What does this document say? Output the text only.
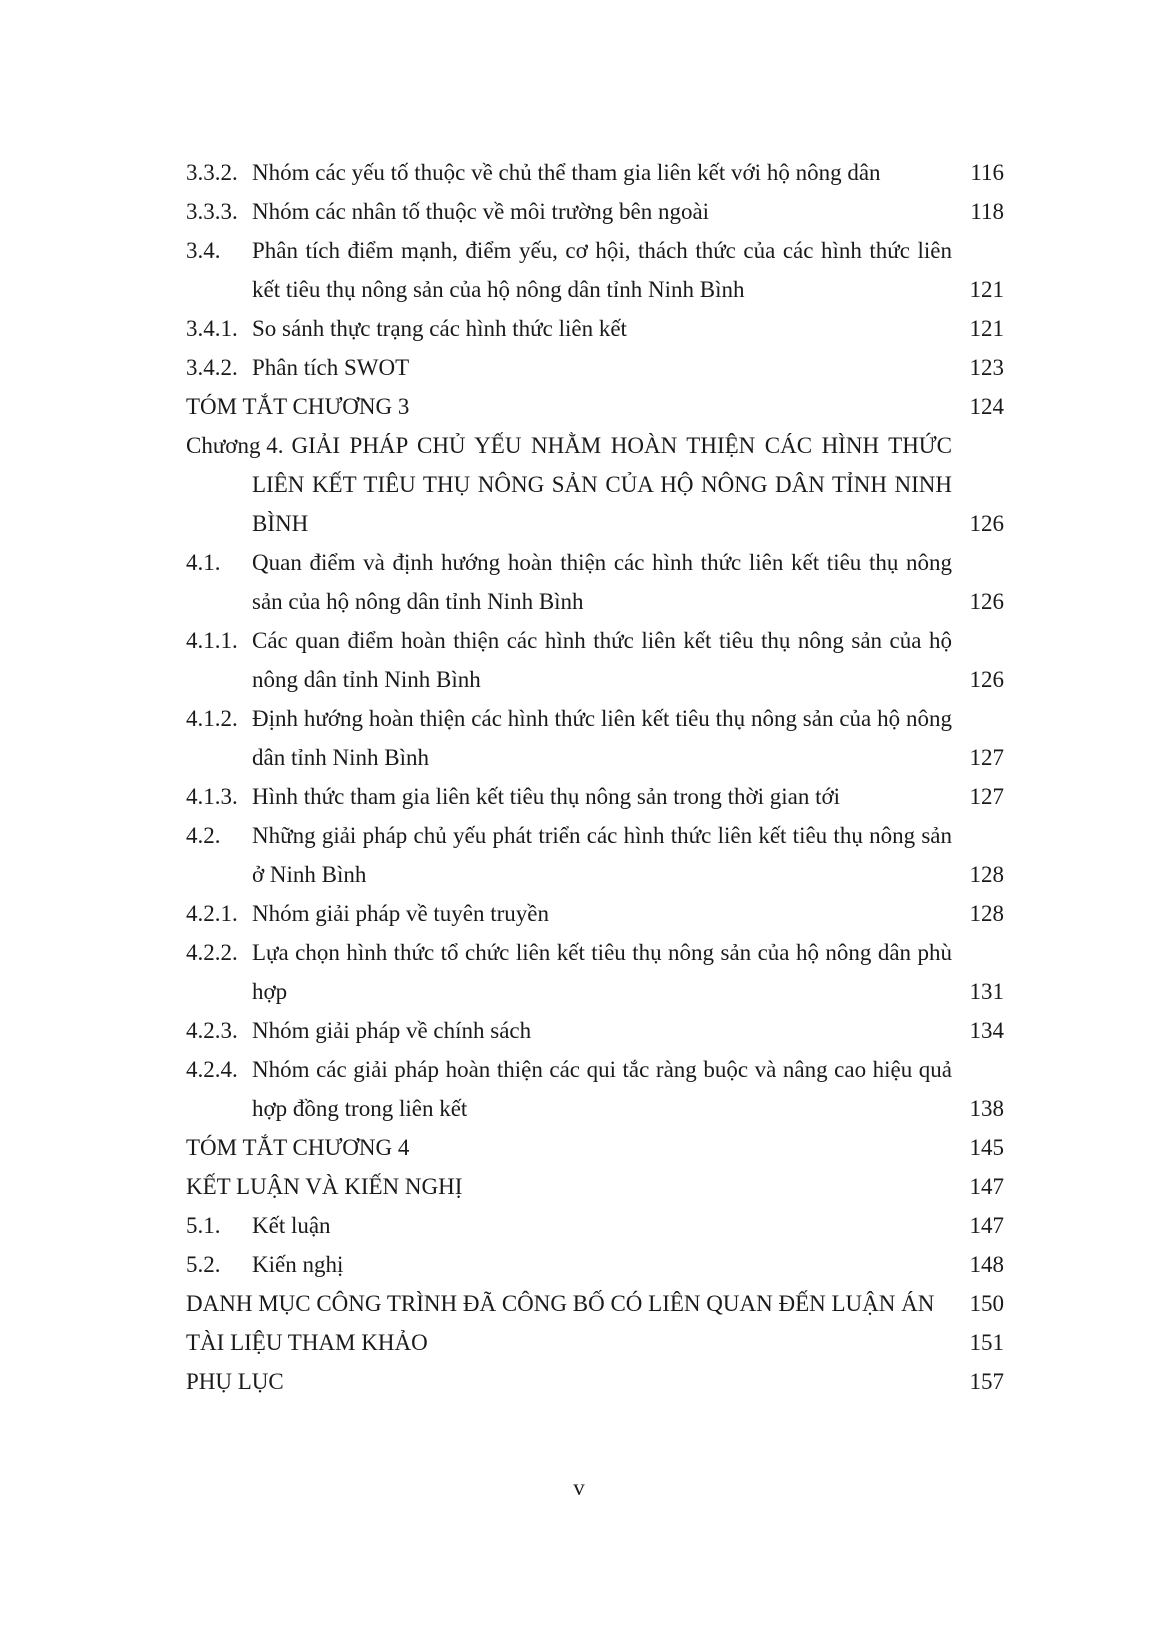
3.3.2. Nhóm các yếu tố thuộc về chủ thể tham gia liên kết với hộ nông dân	116
3.3.3. Nhóm các nhân tố thuộc về môi trường bên ngoài	118
3.4. Phân tích điểm mạnh, điểm yếu, cơ hội, thách thức của các hình thức liên kết tiêu thụ nông sản của hộ nông dân tỉnh Ninh Bình	121
3.4.1. So sánh thực trạng các hình thức liên kết	121
3.4.2. Phân tích SWOT	123
TÓM TẮT CHƯƠNG 3	124
Chương 4. GIẢI PHÁP CHỦ YẾU NHẰM HOÀN THIỆN CÁC HÌNH THỨC LIÊN KẾT TIÊU THỤ NÔNG SẢN CỦA HỘ NÔNG DÂN TỈNH NINH BÌNH	126
4.1. Quan điểm và định hướng hoàn thiện các hình thức liên kết tiêu thụ nông sản của hộ nông dân tỉnh Ninh Bình	126
4.1.1. Các quan điểm hoàn thiện các hình thức liên kết tiêu thụ nông sản của hộ nông dân tỉnh Ninh Bình	126
4.1.2. Định hướng hoàn thiện các hình thức liên kết tiêu thụ nông sản của hộ nông dân tỉnh Ninh Bình	127
4.1.3. Hình thức tham gia liên kết tiêu thụ nông sản trong thời gian tới	127
4.2. Những giải pháp chủ yếu phát triển các hình thức liên kết tiêu thụ nông sản ở Ninh Bình	128
4.2.1. Nhóm giải pháp về tuyên truyền	128
4.2.2. Lựa chọn hình thức tổ chức liên kết tiêu thụ nông sản của hộ nông dân phù hợp	131
4.2.3. Nhóm giải pháp về chính sách	134
4.2.4. Nhóm các giải pháp hoàn thiện các qui tắc ràng buộc và nâng cao hiệu quả hợp đồng trong liên kết	138
TÓM TẮT CHƯƠNG 4	145
KẾT LUẬN VÀ KIẾN NGHỊ	147
5.1. Kết luận	147
5.2. Kiến nghị	148
DANH MỤC CÔNG TRÌNH ĐÃ CÔNG BỐ CÓ LIÊN QUAN ĐẾN LUẬN ÁN	150
TÀI LIỆU THAM KHẢO	151
PHỤ LỤC	157
v
